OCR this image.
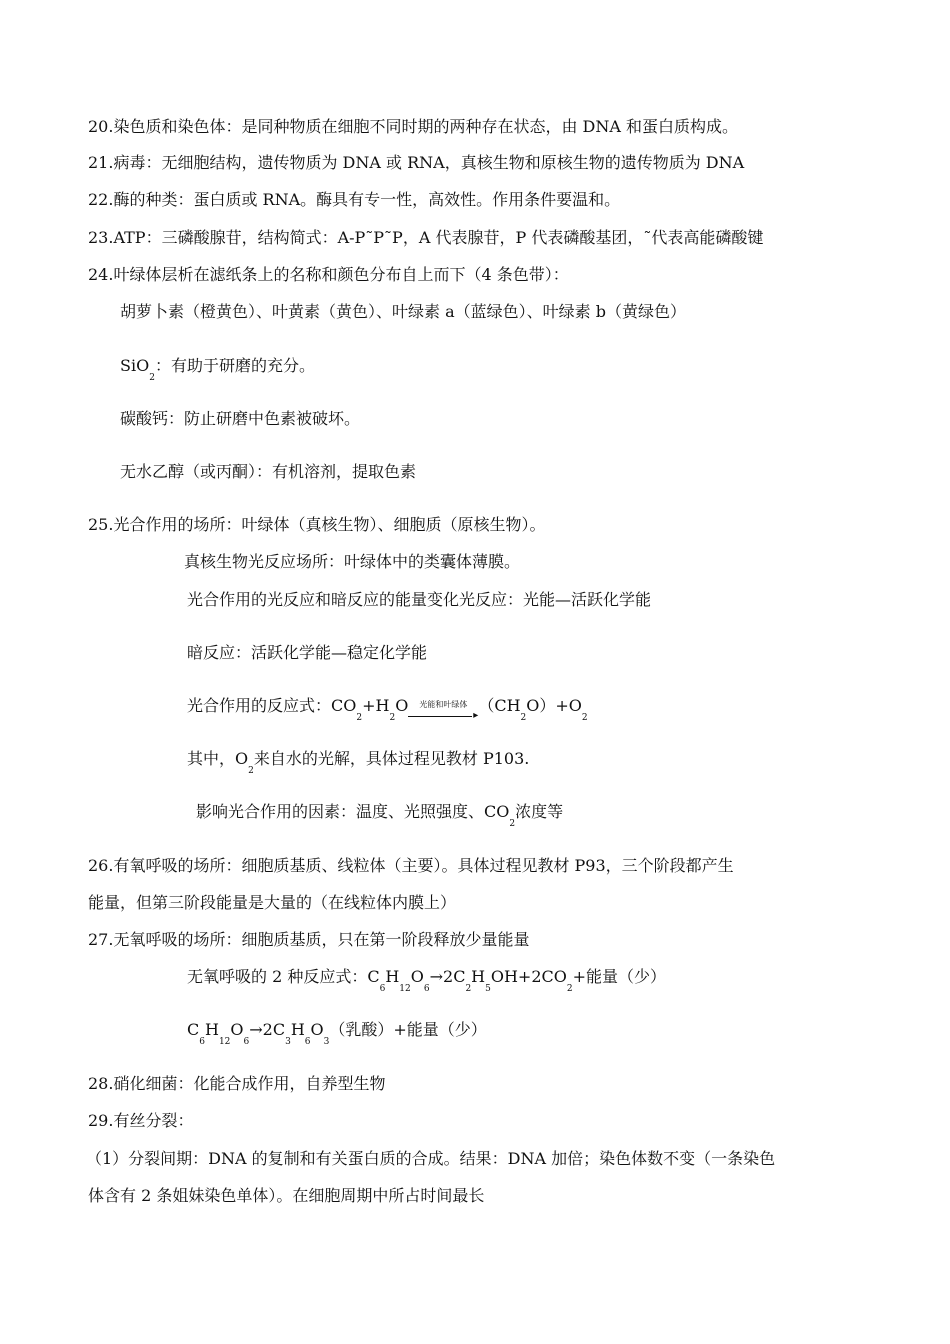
20.染色质和染色体：是同种物质在细胞不同时期的两种存在状态，由 DNA 和蛋白质构成。
21.病毒：无细胞结构，遗传物质为 DNA 或 RNA，真核生物和原核生物的遗传物质为 DNA
22.酶的种类：蛋白质或 RNA。酶具有专一性，高效性。作用条件要温和。
23.ATP：三磷酸腺苷，结构简式：A-P˜P˜P，A 代表腺苷，P 代表磷酸基团，˜代表高能磷酸键
24.叶绿体层析在滤纸条上的名称和颜色分布自上而下（4 条色带）：
胡萝卜素（橙黄色）、叶黄素（黄色）、叶绿素 a（蓝绿色）、叶绿素 b（黄绿色）
SiO$_2$：有助于研磨的充分。
碳酸钙：防止研磨中色素被破坏。
无水乙醇（或丙酮）：有机溶剂，提取色素
25.光合作用的场所：叶绿体（真核生物）、细胞质（原核生物）。
真核生物光反应场所：叶绿体中的类囊体薄膜。
光合作用的光反应和暗反应的能量变化光反应：光能—活跃化学能
暗反应：活跃化学能—稳定化学能
光合作用的反应式：$CO_2+H_2O$ 光能和叶绿体
▸
$(CH_2O)+O_2$
其中，$O_2$来自水的光解，具体过程见教材 P103.
影响光合作用的因素：温度、光照强度、$CO_2$浓度等
26.有氧呼吸的场所：细胞质基质、线粒体（主要）。具体过程见教材 P93，三个阶段都产生
能量，但第三阶段能量是大量的（在线粒体内膜上）
27.无氧呼吸的场所：细胞质基质，只在第一阶段释放少量能量
无氧呼吸的 2 种反应式：$C_6H_{12}O_6\to 2C_2H_5OH+2CO_2+$能量（少）
$C_6H_{12}O_6\to 2C_3H_6O_3$（乳酸）+能量（少）
28.硝化细菌：化能合成作用，自养型生物
29.有丝分裂：
（1）分裂间期：DNA 的复制和有关蛋白质的合成。结果：DNA 加倍；染色体数不变（一条染色
体含有 2 条姐妹染色单体）。在细胞周期中所占时间最长
